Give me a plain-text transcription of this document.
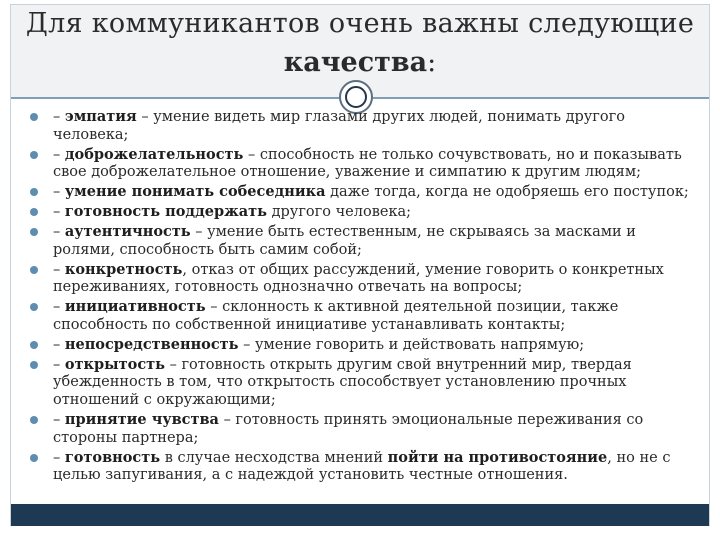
Для коммуникантов очень важны следующие
качества:
– эмпатия – умение видеть мир глазами других людей, понимать другого человека;
– доброжелательность – способность не только сочувствовать, но и показывать свое доброжелательное отношение, уважение и симпатию к другим людям;
– умение понимать собеседника даже тогда, когда не одобряешь его поступок;
– готовность поддержать другого человека;
– аутентичность – умение быть естественным, не скрываясь за масками и ролями, способность быть самим собой;
– конкретность, отказ от общих рассуждений, умение говорить о конкретных переживаниях, готовность однозначно отвечать на вопросы;
– инициативность – склонность к активной деятельной позиции, также способность по собственной инициативе устанавливать контакты;
– непосредственность – умение говорить и действовать напрямую;
– открытость – готовность открыть другим свой внутренний мир, твердая убежденность в том, что открытость способствует установлению прочных отношений с окружающими;
– принятие чувства – готовность принять эмоциональные переживания со стороны партнера;
– готовность в случае несходства мнений пойти на противостояние, но не с целью запугивания, а с надеждой установить честные отношения.
